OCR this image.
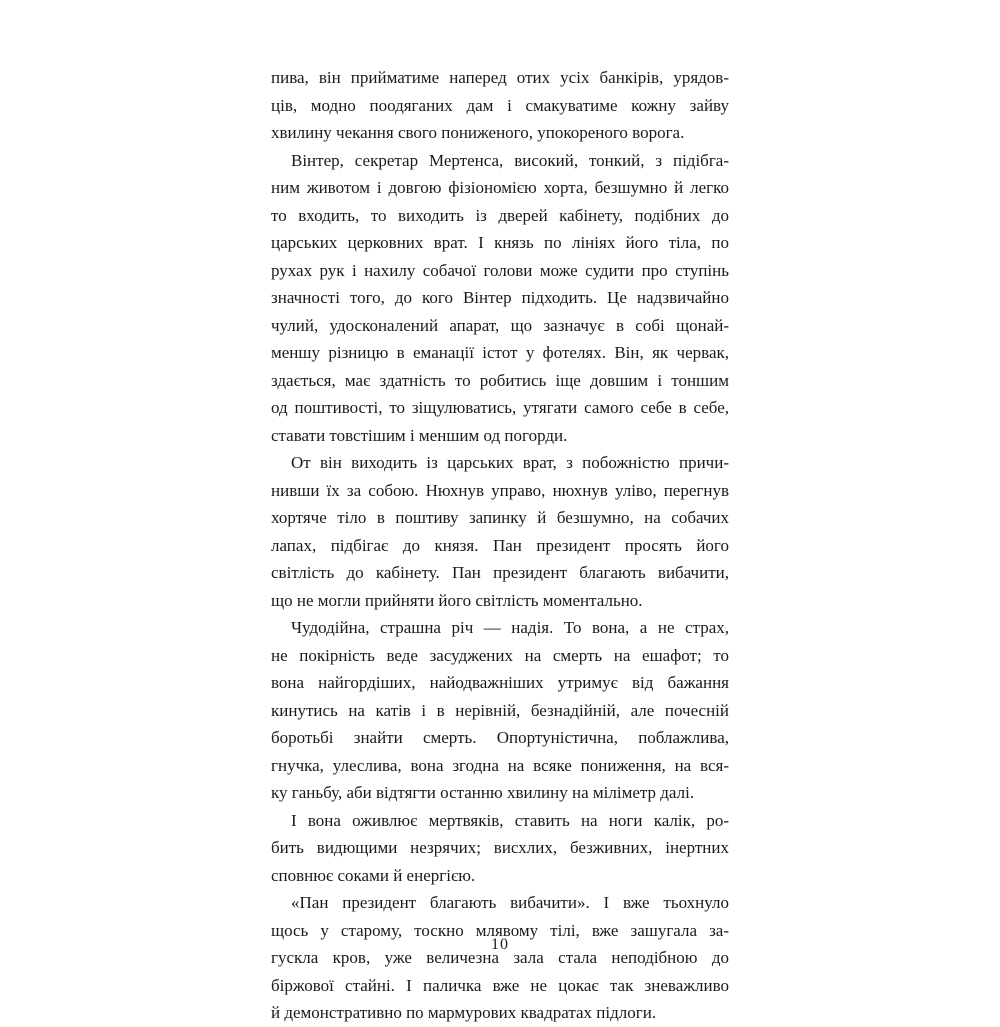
пива, він прийматиме наперед отих усіх банкірів, урядов-
ців, модно поодяганих дам і смакуватиме кожну зайву
хвилину чекання свого пониженого, упокореного ворога.
Вінтер, секретар Мертенса, високий, тонкий, з підібга-
ним животом і довгою фізіономією хорта, безшумно й легко
то входить, то виходить із дверей кабінету, подібних до
царських церковних врат. І князь по лініях його тіла, по
рухах рук і нахилу собачої голови може судити про ступінь
значності того, до кого Вінтер підходить. Це надзвичайно
чулий, удосконалений апарат, що зазначує в собі щонай-
меншу різницю в еманації істот у фотелях. Він, як червак,
здається, має здатність то робитись іще довшим і тоншим
од поштивості, то зіщулюватись, утягати самого себе в себе,
ставати товстішим і меншим од погорди.
От він виходить із царських врат, з побожністю причи-
нивши їх за собою. Нюхнув управо, нюхнув уліво, перегнув
хортяче тіло в поштиву запинку й безшумно, на собачих
лапах, підбігає до князя. Пан президент просять його
світлість до кабінету. Пан президент благають вибачити,
що не могли прийняти його світлість моментально.
Чудодійна, страшна річ — надія. То вона, а не страх,
не покірність веде засуджених на смерть на ешафот; то
вона найгордіших, найодважніших утримує від бажання
кинутись на катів і в нерівній, безнадійній, але почесній
боротьбі знайти смерть. Опортуністична, поблажлива,
гнучка, улеслива, вона згодна на всяке пониження, на вся-
ку ганьбу, аби відтягти останню хвилину на міліметр далі.
І вона оживлює мертвяків, ставить на ноги калік, ро-
бить видющими незрячих; висхлих, безживних, інертних
сповнює соками й енергією.
«Пан президент благають вибачити». І вже тьохнуло
щось у старому, тоскно млявому тілі, вже зашугала за-
гускла кров, уже величезна зала стала неподібною до
біржової стайні. І паличка вже не цокає так зневажливо
й демонстративно по мармурових квадратах підлоги.
10
